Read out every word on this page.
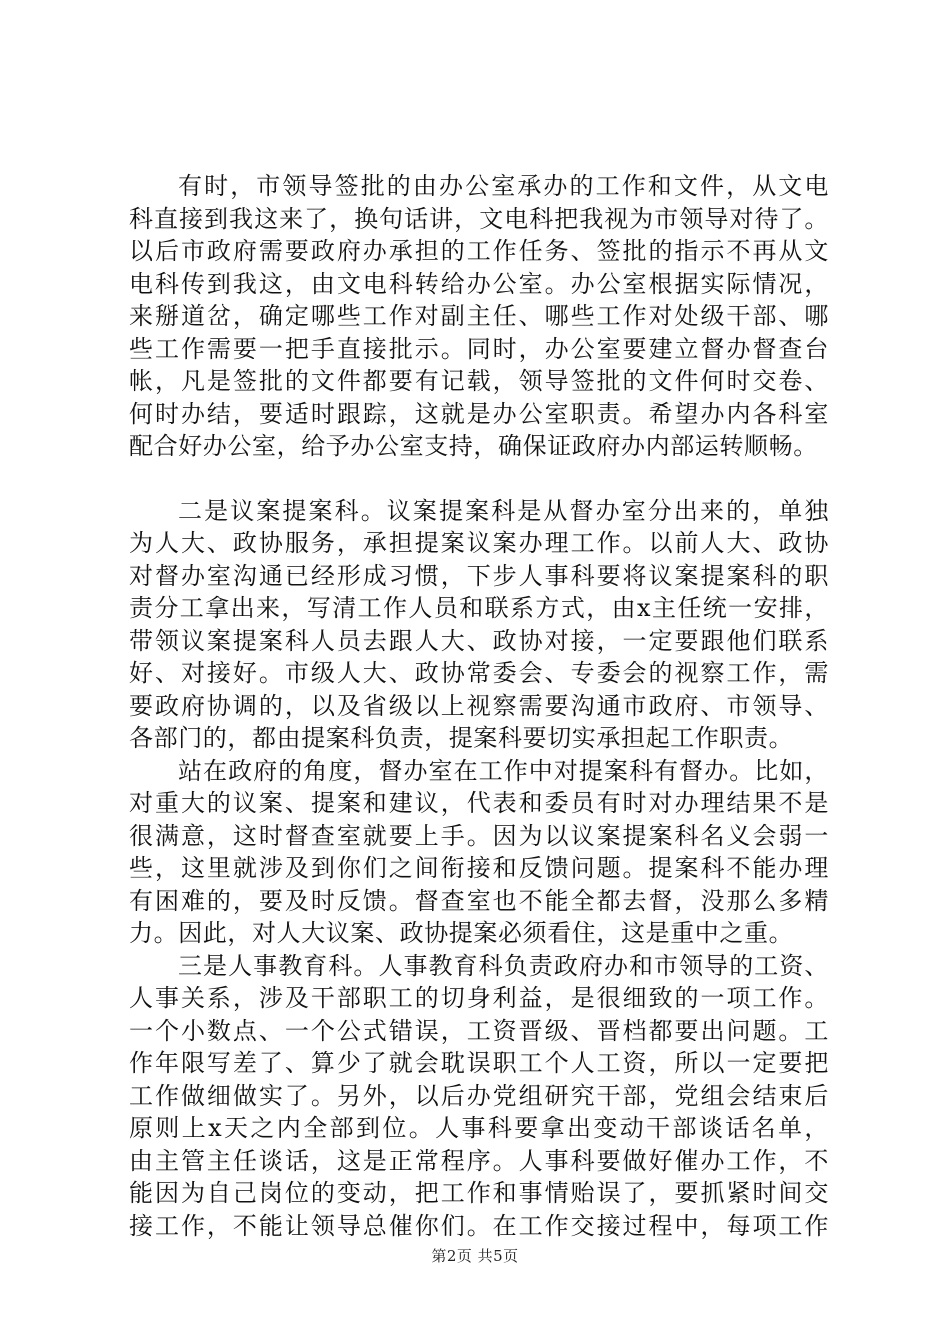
有时，市领导签批的由办公室承办的工作和文件，从文电
科直接到我这来了，换句话讲，文电科把我视为市领导对待了。
以后市政府需要政府办承担的工作任务、签批的指示不再从文
电科传到我这，由文电科转给办公室。办公室根据实际情况，
来掰道岔，确定哪些工作对副主任、哪些工作对处级干部、哪
些工作需要一把手直接批示。同时，办公室要建立督办督查台
帐，凡是签批的文件都要有记载，领导签批的文件何时交卷、
何时办结，要适时跟踪，这就是办公室职责。希望办内各科室
配合好办公室，给予办公室支持，确保证政府办内部运转顺畅。
二是议案提案科。议案提案科是从督办室分出来的，单独
为人大、政协服务，承担提案议案办理工作。以前人大、政协
对督办室沟通已经形成习惯，下步人事科要将议案提案科的职
责分工拿出来，写清工作人员和联系方式，由x主任统一安排，
带领议案提案科人员去跟人大、政协对接，一定要跟他们联系
好、对接好。市级人大、政协常委会、专委会的视察工作，需
要政府协调的，以及省级以上视察需要沟通市政府、市领导、
各部门的，都由提案科负责，提案科要切实承担起工作职责。
站在政府的角度，督办室在工作中对提案科有督办。比如，
对重大的议案、提案和建议，代表和委员有时对办理结果不是
很满意，这时督查室就要上手。因为以议案提案科名义会弱一
些，这里就涉及到你们之间衔接和反馈问题。提案科不能办理
有困难的，要及时反馈。督查室也不能全都去督，没那么多精
力。因此，对人大议案、政协提案必须看住，这是重中之重。
三是人事教育科。人事教育科负责政府办和市领导的工资、
人事关系，涉及干部职工的切身利益，是很细致的一项工作。
一个小数点、一个公式错误，工资晋级、晋档都要出问题。工
作年限写差了、算少了就会耽误职工个人工资，所以一定要把
工作做细做实了。另外，以后办党组研究干部，党组会结束后
原则上x天之内全部到位。人事科要拿出变动干部谈话名单，
由主管主任谈话，这是正常程序。人事科要做好催办工作，不
能因为自己岗位的变动，把工作和事情贻误了，要抓紧时间交
接工作，不能让领导总催你们。在工作交接过程中，每项工作
第2页 共5页
